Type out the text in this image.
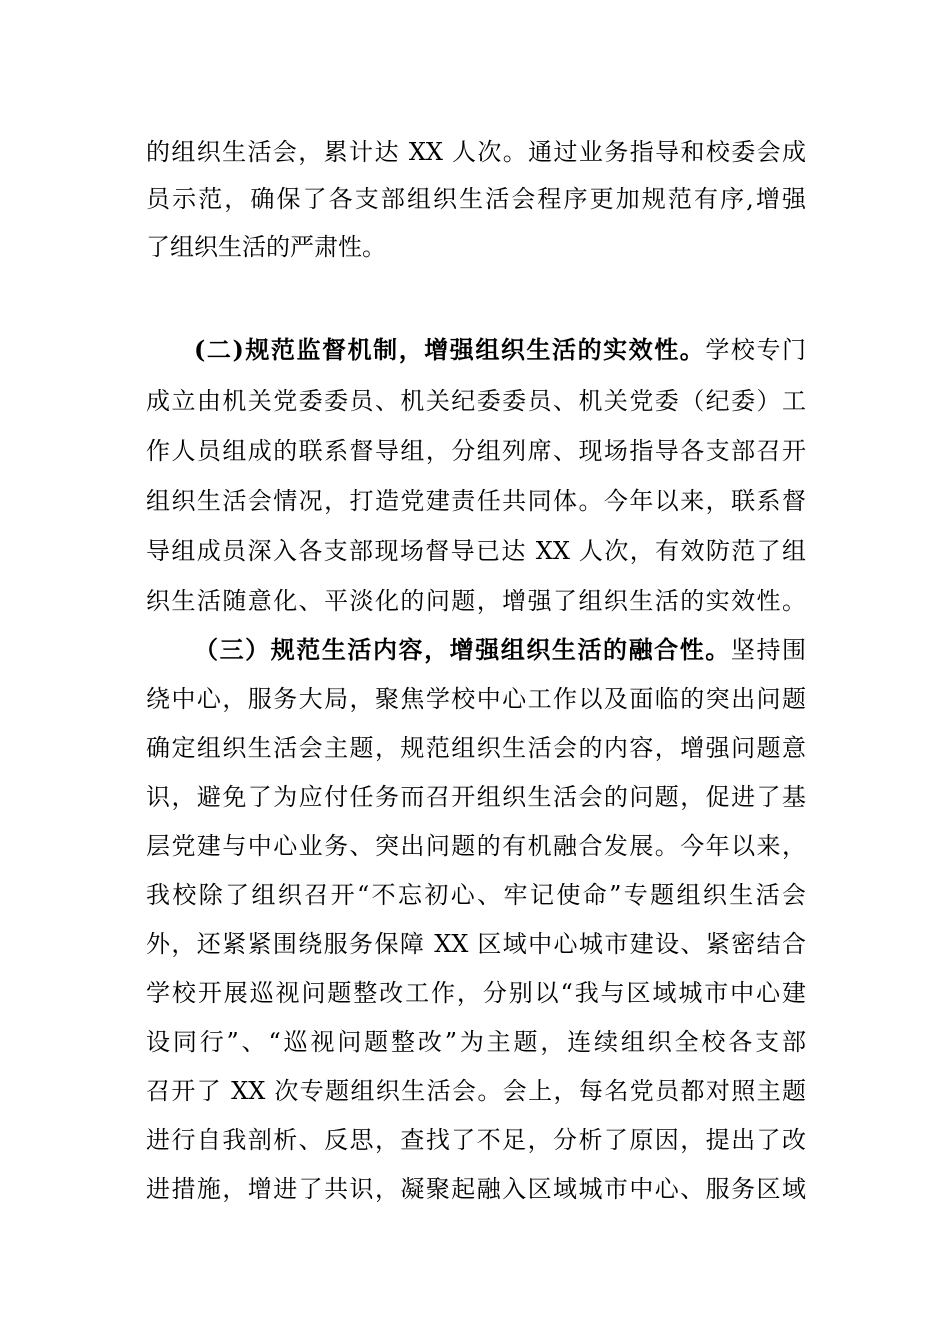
的组织生活会，累计达 XX 人次。通过业务指导和校委会成
员示范，确保了各支部组织生活会程序更加规范有序,增强
了组织生活的严肃性。
(二)规范监督机制，增强组织生活的实效性。学校专门
成立由机关党委委员、机关纪委委员、机关党委（纪委）工
作人员组成的联系督导组，分组列席、现场指导各支部召开
组织生活会情况，打造党建责任共同体。今年以来，联系督
导组成员深入各支部现场督导已达 XX 人次，有效防范了组
织生活随意化、平淡化的问题，增强了组织生活的实效性。
（三）规范生活内容，增强组织生活的融合性。坚持围
绕中心，服务大局，聚焦学校中心工作以及面临的突出问题
确定组织生活会主题，规范组织生活会的内容，增强问题意
识，避免了为应付任务而召开组织生活会的问题，促进了基
层党建与中心业务、突出问题的有机融合发展。今年以来，
我校除了组织召开“不忘初心、牢记使命”专题组织生活会
外，还紧紧围绕服务保障 XX 区域中心城市建设、紧密结合
学校开展巡视问题整改工作，分别以“我与区域城市中心建
设同行”、“巡视问题整改”为主题，连续组织全校各支部
召开了 XX 次专题组织生活会。会上，每名党员都对照主题
进行自我剖析、反思，查找了不足，分析了原因，提出了改
进措施，增进了共识，凝聚起融入区域城市中心、服务区域
